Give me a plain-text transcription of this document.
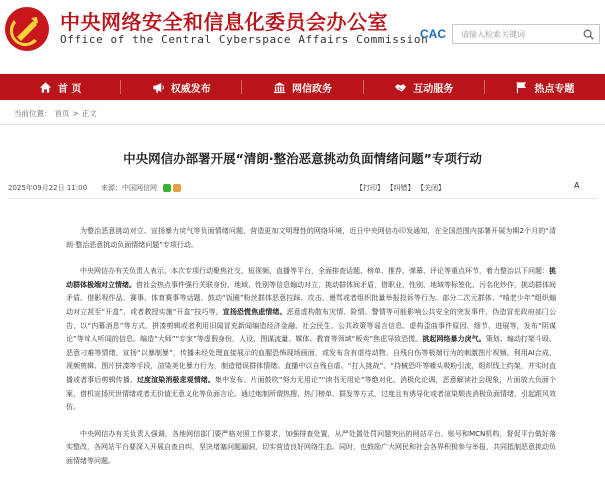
中央网络安全和信息化委员会办公室
Office of the Central Cyberspace Affairs Commission
CAC
请输入检索关键词
首 页	权威发布	网信政务	互动服务	热点专题
当前位置： 首页 > 正文
中央网信办部署开展“清朗·整治恶意挑动负面情绪问题”专项行动
2025年09月22日 11:00 来源： 中国网信网	【打印】 【纠错】 【关闭】	A

为整治恶意挑动对立、宣扬暴力戾气等负面情绪问题，营造更加文明理性的网络环境，近日中央网信办印发通知，在全国范围内部署开展为期2个月的“清朗·整治恶意挑动负面情绪问题”专项行动。

中央网信办有关负责人表示，本次专项行动聚焦社交、短视频、直播等平台，全面排查话题、榜单、推荐、弹幕、评论等重点环节，着力整治以下问题：挑动群体极端对立情绪。借社会热点事件强行关联身份、地域、性别等信息煽动对立，挑动群体间矛盾，借职业、性别、地域等标签化、污名化炒作，挑动群体间矛盾。借影视作品、赛事、体育赛事等话题，鼓动“饭圈”粉丝群体恶意拉踩、攻击、谩骂或者组织批量举报投诉等行为。部分二次元群体、“啃老少年”组织煽动对立甚至“开盒”，或者教授实施“开盒”技巧等。宣扬恐慌焦虑情绪。恶意虚构散布灾情、险情、警情等可能影响公共安全的突发事件，伪造冒充政府部门公告，以“内幕消息”等方式，拼凑剪辑或者利用旧闻冒充新闻编造经济金融、社会民生、公共政策等谣言信息。虚构歪曲事件原因、细节、进展等，发布“阴谋论”等耸人听闻的信息。编造“大师”“专家”等虚假身份，人设、图谋流量、媒体、教育等领域“贩卖”焦虑导致恐慌。挑起网络暴力戾气。策划、煽动打架斗殴、恶意刁难等情绪，宣扬“以暴制暴”，传播未经处理直接展示的血腥恐怖现场画面，或发布含有虐待动物、自残自伤等极端行为的刺激图片视频。利用AI合成、视频剪辑、图片拼凑等手段，渲染美化暴力行为，制造错误群体情绪。直播中以自残自虐、“打人挑战”、“持械恐吓等噱头吸粉引流，组织线上约架，并实时直播或者事后剪辑传播。过度渲染消极悲观情绪。集中发布、片面鼓吹“努力无用论”“读书无用论”等绝对化、消极化论调，恶意解读社会现象，片面放大负面个案，借机宣扬厌世情绪或者无价值无意义化等负面言论。通过炮制所谓热搜、热门榜单、群发等方式，过度且有诱导化或者渲染颓丧消极负面情绪，引起跟风效仿。

中央网信办有关负责人强调，各地网信部门要严格对照工作要求，加强排查处置，从严处置处罚问题突出的网站平台、账号和MCN机构，督促平台做好落实整改，各网站平台要深入开展自查自纠，坚决堵塞问题漏洞，切实营造良好网络生态。同时，也鼓励广大网民和社会各界积极参与举报，共同抵制恶意挑动负面情绪等问题。
